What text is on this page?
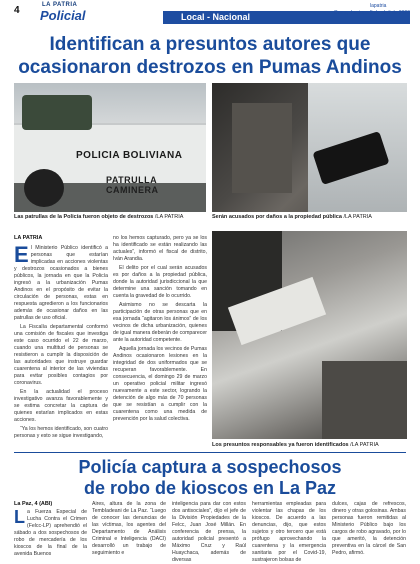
4	LA PATRIA
Policial	Local - Nacional
lapatria
Oruro, domingo 5 de abril de 2020
Identifican a presuntos autores que
ocasionaron destrozos en Pumas Andinos
POLICIA BOLIVIANA
PATRULLA CAMINERA
Las patrullas de la Policía fueron objeto de destrozos /LA PATRIA	Serán acusados por daños a la propiedad pública /LA PATRIA
Los presuntos responsables ya fueron identificados /LA PATRIA
LA PATRIA

El Ministerio Público identificó a personas que estarían implicadas en acciones violentas y destrozos ocasionados a bienes públicos, la jornada en que la Policía ingresó a la urbanización Pumas Andinos en el propósito de evitar la circulación de personas, estas en respuesta agredieron a los funcionarios además de ocasionar daños en las patrullas de uso oficial.

La Fiscalía departamental conformó una comisión de fiscales que investiga este caso ocurrido el 22 de marzo, cuando una multitud de personas se resistieron a cumplir la disposición de las autoridades que instruye guardar cuarentena al interior de las viviendas para evitar posibles contagios por coronavirus.

En la actualidad el proceso investigativo avanza favorablemente y se estima concretar la captura de quienes estarían implicados en estas acciones.

“Ya los hemos identificado, son cuatro personas y esto se sigue investigando,

no los hemos capturado, pero ya se los ha identificado se están realizando las actuales”, informó el fiscal de distrito, Iván Arandia.

El delito por el cual serán acusados es por daños a la propiedad pública, donde la autoridad jurisdiccional la que determine una sanción tomando en cuenta la gravedad de lo ocurrido.

Asimismo no se descarta la participación de otras personas que en esa jornada “agitaron los ánimos” de los vecinos de dicha urbanización, quienes de igual manera deberán de comparecer ante la autoridad competente.

Aquella jornada los vecinos de Pumas Andinos ocasionaron lesiones en la integridad de dos uniformados que se recuperan favorablemente. En consecuencia, el domingo 29 de marzo un operativo policial militar ingresó nuevamente a este sector, logrando la detención de algo más de 70 personas que se resistían a cumplir con la cuarentena como una medida de prevención por la salud colectiva.

Policía captura a sospechosos
de robo de kioscos en La Paz
La Paz, 4 (ABI)

La Fuerza Especial de Lucha Contra el Crimen (Felcc-LP) aprehendió el sábado a dos sospechosos de robo de mercadería de los kioscos de la final de la avenida Buenos

Aires, altura de la zona de TembIadeani de La Paz. “Luego de conocer las denuncias de las víctimas, los agentes del Departamento de Análisis Criminal e Inteligencia (DACI) desarrolló un trabajo de seguimiento e

inteligencia para dar con estos dos antisociales”, dijo el jefe de la División Propiedades de la Felcc, Juan José Millán. En conferencia de prensa, la autoridad policial presentó a Máximo Cruz y Raúl Huaychaca, además de diversas

herramientas empleadas para violentar las chapas de los kioscos. De acuerdo a las denuncias, dijo, que estos sujetos y otro tercero que está prófugo aprovechando la cuarentena y la emergencia sanitaria por el Covid-19, sustrajeron bolsas de

dulces, cajas de refrescos, dinero y otras golosinas. Ambas personas fueron remitidas al Ministerio Público bajo los cargos de robo agravado, por lo que ameritó, la detención preventiva en la cárcel de San Pedro, afirmó.
